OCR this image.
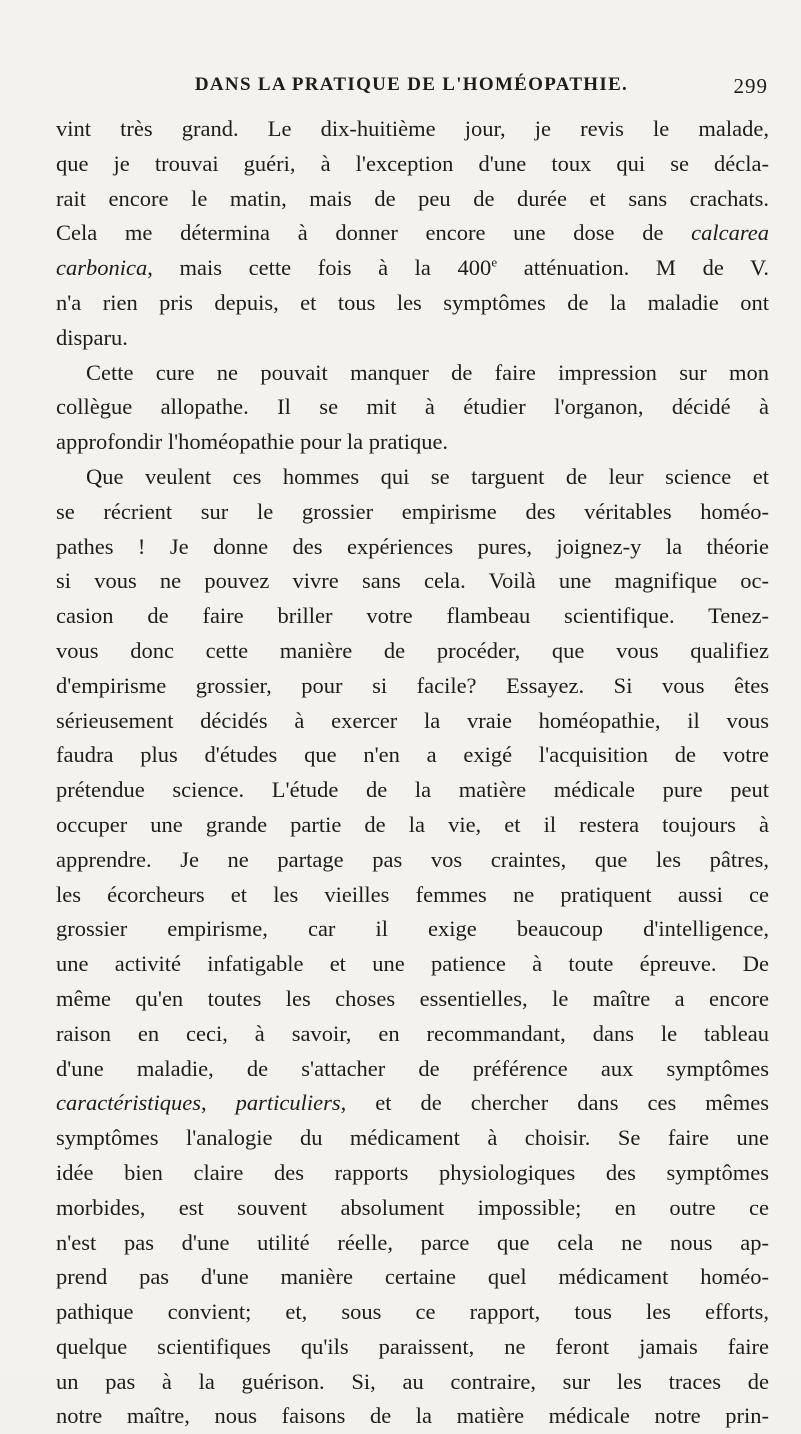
DANS LA PRATIQUE DE L'HOMÉOPATHIE.	299
vint très grand. Le dix-huitième jour, je revis le malade,
que je trouvai guéri, à l'exception d'une toux qui se décla-
rait encore le matin, mais de peu de durée et sans crachats.
Cela me détermina à donner encore une dose de calcarea
carbonica, mais cette fois à la 400e atténuation. M de V.
n'a rien pris depuis, et tous les symptômes de la maladie ont
disparu.
Cette cure ne pouvait manquer de faire impression sur mon
collègue allopathe. Il se mit à étudier l'organon, décidé à
approfondir l'homéopathie pour la pratique.
Que veulent ces hommes qui se targuent de leur science et
se récrient sur le grossier empirisme des véritables homéo-
pathes ! Je donne des expériences pures, joignez-y la théorie
si vous ne pouvez vivre sans cela. Voilà une magnifique oc-
casion de faire briller votre flambeau scientifique. Tenez-
vous donc cette manière de procéder, que vous qualifiez
d'empirisme grossier, pour si facile? Essayez. Si vous êtes
sérieusement décidés à exercer la vraie homéopathie, il vous
faudra plus d'études que n'en a exigé l'acquisition de votre
prétendue science. L'étude de la matière médicale pure peut
occuper une grande partie de la vie, et il restera toujours à
apprendre. Je ne partage pas vos craintes, que les pâtres,
les écorcheurs et les vieilles femmes ne pratiquent aussi ce
grossier empirisme, car il exige beaucoup d'intelligence,
une activité infatigable et une patience à toute épreuve. De
même qu'en toutes les choses essentielles, le maître a encore
raison en ceci, à savoir, en recommandant, dans le tableau
d'une maladie, de s'attacher de préférence aux symptômes
caractéristiques, particuliers, et de chercher dans ces mêmes
symptômes l'analogie du médicament à choisir. Se faire une
idée bien claire des rapports physiologiques des symptômes
morbides, est souvent absolument impossible; en outre ce
n'est pas d'une utilité réelle, parce que cela ne nous ap-
prend pas d'une manière certaine quel médicament homéo-
pathique convient; et, sous ce rapport, tous les efforts,
quelque scientifiques qu'ils paraissent, ne feront jamais faire
un pas à la guérison. Si, au contraire, sur les traces de
notre maître, nous faisons de la matière médicale notre prin-
